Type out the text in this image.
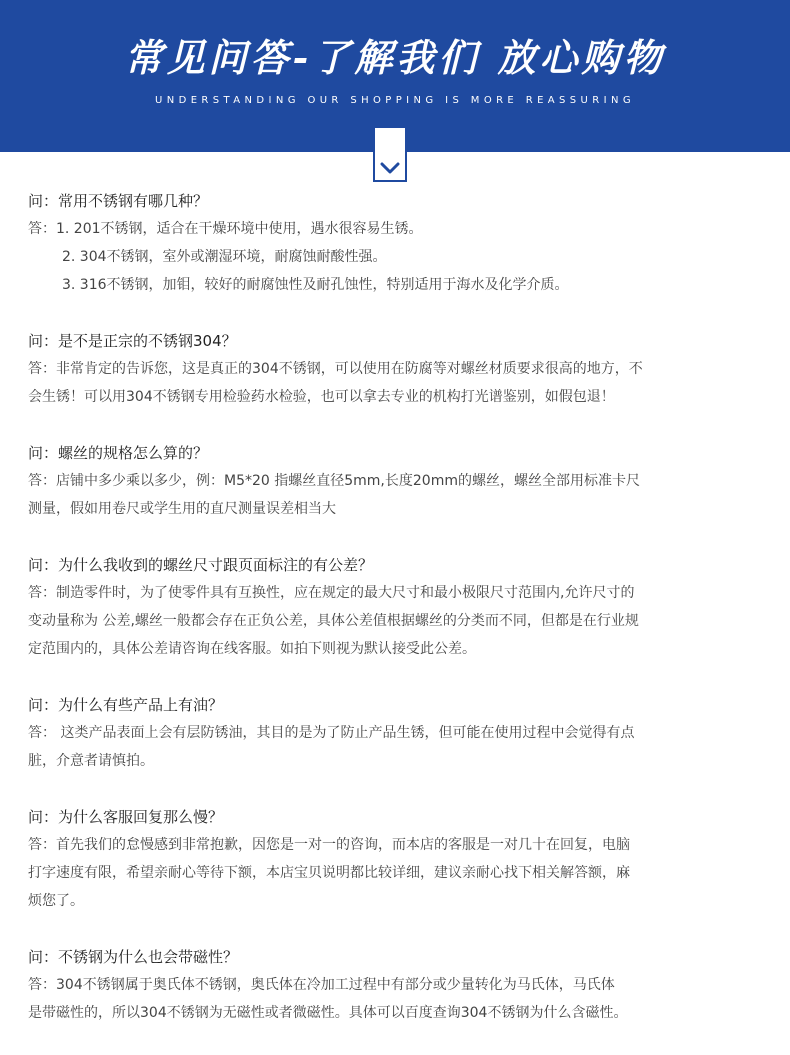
常见问答-了解我们 放心购物
UNDERSTANDING OUR SHOPPING IS MORE REASSURING
问：常用不锈钢有哪几种？
答：1. 201不锈钢，适合在干燥环境中使用，遇水很容易生锈。
2. 304不锈钢，室外或潮湿环境，耐腐蚀耐酸性强。
3. 316不锈钢，加钼，较好的耐腐蚀性及耐孔蚀性，特别适用于海水及化学介质。
问：是不是正宗的不锈钢304？
答：非常肯定的告诉您，这是真正的304不锈钢，可以使用在防腐等对螺丝材质要求很高的地方，不
会生锈！可以用304不锈钢专用检验药水检验，也可以拿去专业的机构打光谱鉴别，如假包退！
问：螺丝的规格怎么算的？
答：店铺中多少乘以多少，例：M5*20 指螺丝直径5mm,长度20mm的螺丝，螺丝全部用标准卡尺
测量，假如用卷尺或学生用的直尺测量误差相当大
问：为什么我收到的螺丝尺寸跟页面标注的有公差？
答：制造零件时，为了使零件具有互换性，应在规定的最大尺寸和最小极限尺寸范围内,允许尺寸的
变动量称为 公差,螺丝一般都会存在正负公差，具体公差值根据螺丝的分类而不同，但都是在行业规
定范围内的，具体公差请咨询在线客服。如拍下则视为默认接受此公差。
问：为什么有些产品上有油？
答： 这类产品表面上会有层防锈油，其目的是为了防止产品生锈，但可能在使用过程中会觉得有点
脏，介意者请慎拍。
问：为什么客服回复那么慢？
答：首先我们的怠慢感到非常抱歉，因您是一对一的咨询，而本店的客服是一对几十在回复，电脑
打字速度有限，希望亲耐心等待下额，本店宝贝说明都比较详细，建议亲耐心找下相关解答额，麻
烦您了。
问：不锈钢为什么也会带磁性？
答：304不锈钢属于奥氏体不锈钢，奥氏体在冷加工过程中有部分或少量转化为马氏体，马氏体
是带磁性的，所以304不锈钢为无磁性或者微磁性。具体可以百度查询304不锈钢为什么含磁性。
